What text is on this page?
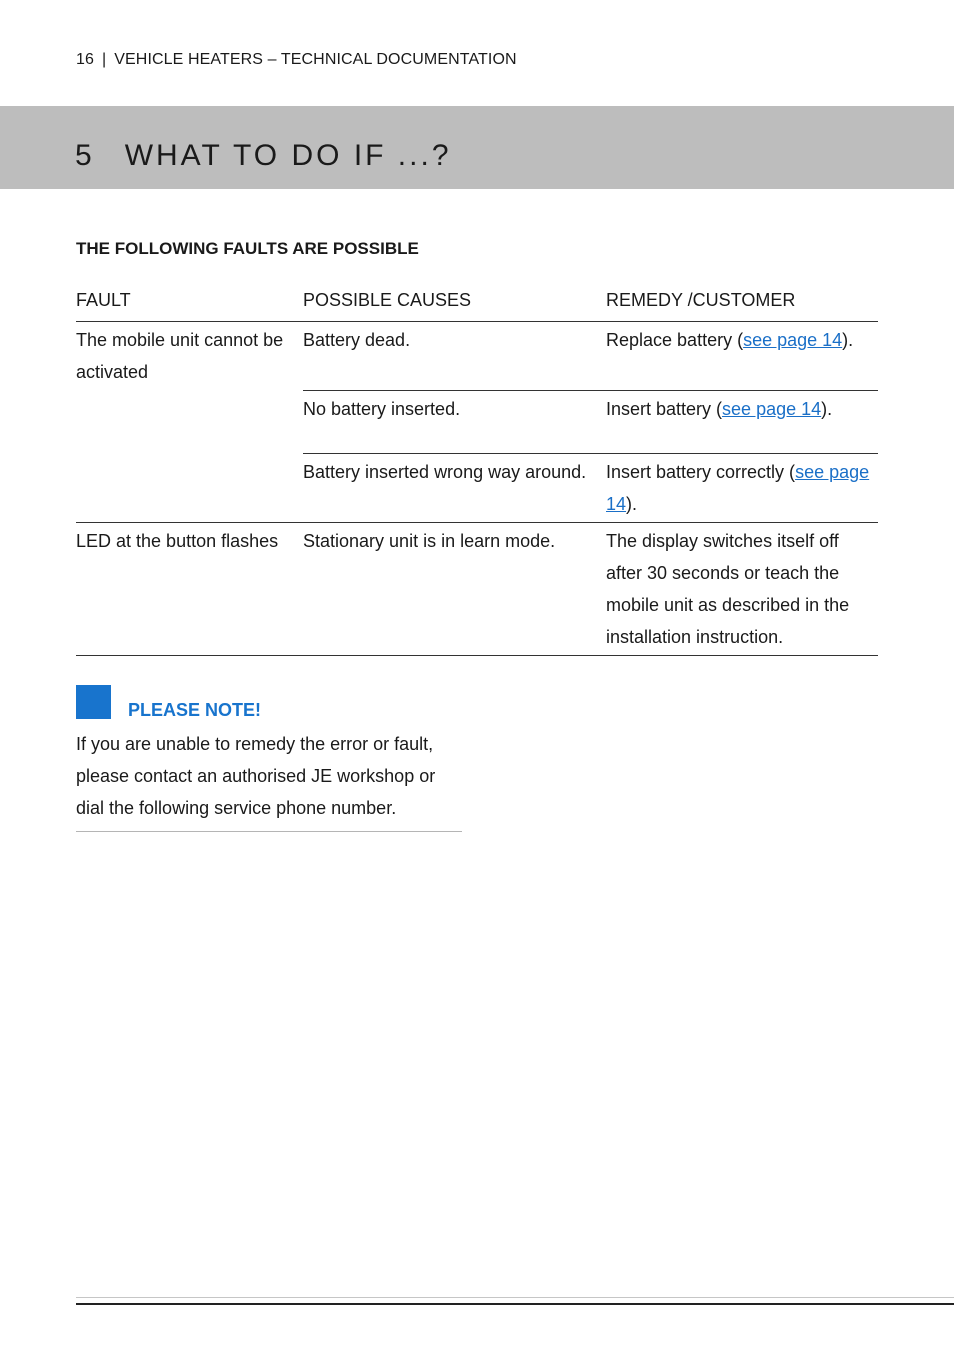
16 | VEHICLE HEATERS – TECHNICAL DOCUMENTATION
5 WHAT TO DO IF ...?
THE FOLLOWING FAULTS ARE POSSIBLE
FAULT	POSSIBLE CAUSES	REMEDY /CUSTOMER
The mobile unit cannot be activated	Battery dead.	Replace battery (see page 14).
	No battery inserted.	Insert battery (see page 14).
	Battery inserted wrong way around.	Insert battery correctly (see page 14).
LED at the button flashes	Stationary unit is in learn mode.	The display switches itself off after 30 seconds or teach the mobile unit as described in the installation instruction.
PLEASE NOTE!

If you are unable to remedy the error or fault, please contact an authorised JE workshop or dial the following service phone number.
